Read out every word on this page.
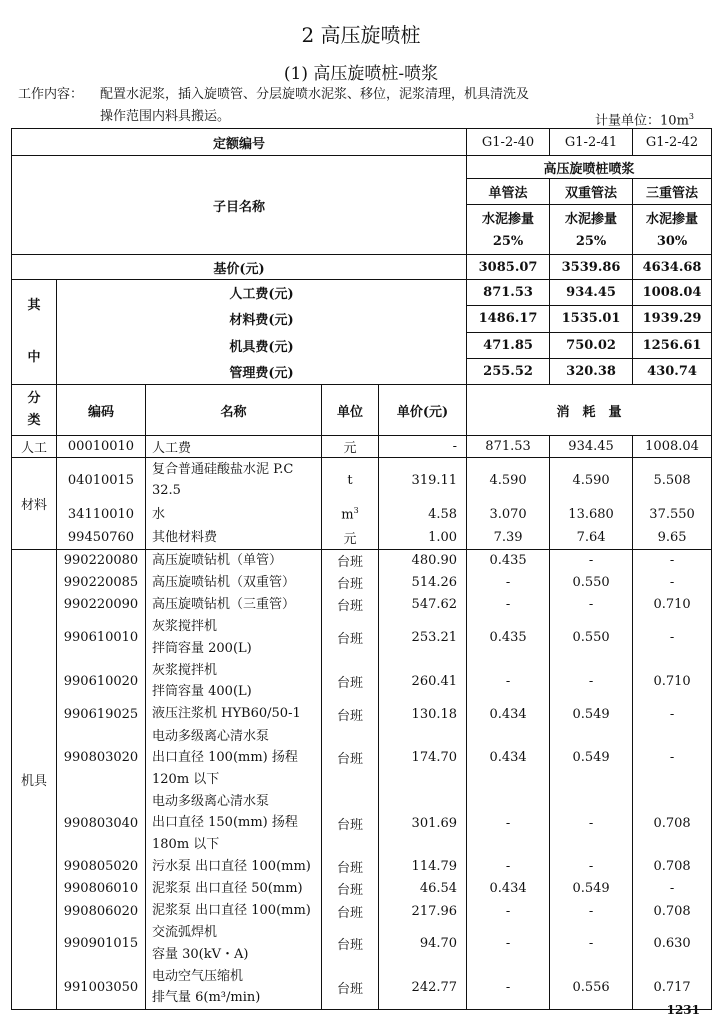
2 高压旋喷桩
(1) 高压旋喷桩-喷浆
工作内容： 配置水泥浆，插入旋喷管、分层旋喷水泥浆、移位，泥浆清理，机具清洗及
操作范围内料具搬运。	计量单位：$10m^3$
定额编号					G1-2-40	G1-2-41	G1-2-42
子目名称					高压旋喷桩喷浆		
					单管法	双重管法	三重管法
					水泥掺量	水泥掺量	水泥掺量
					25%	25%	30%
基价(元)					3085.07	3539.86	4634.68

其
中	人工费(元)				871.53	934.45	1008.04
	材料费(元)				1486.17	1535.01	1939.29
	机具费(元)				471.85	750.02	1256.61
	管理费(元)				255.52	320.38	430.74

分
类	编码	名称	单位	单价(元)	消　耗　量		
人工	00010010	人工费	元	-	871.53	934.45	1008.04
材料	04010015	复合普通硅酸盐水泥 P.C
32.5	t	319.11	4.590	4.590	5.508
	34110010	水	$m^3$	4.58	3.070	13.680	37.550
	99450760	其他材料费	元	1.00	7.39	7.64	9.65
机具	990220080	高压旋喷钻机（单管）	台班	480.90	0.435	-	-
	990220085	高压旋喷钻机（双重管）	台班	514.26	-	0.550	-
	990220090	高压旋喷钻机（三重管）	台班	547.62	-	-	0.710
	990610010	灰浆搅拌机
拌筒容量 200(L)	台班	253.21	0.435	0.550	-
	990610020	灰浆搅拌机
拌筒容量 400(L)	台班	260.41	-	-	0.710
	990619025	液压注浆机 HYB60/50-1	台班	130.18	0.434	0.549	-
	990803020	电动多级离心清水泵
出口直径 100(mm) 扬程
120m 以下	台班	174.70	0.434	0.549	-
	990803040	电动多级离心清水泵
出口直径 150(mm) 扬程
180m 以下	台班	301.69	-	-	0.708
	990805020	污水泵 出口直径 100(mm)	台班	114.79	-	-	0.708
	990806010	泥浆泵 出口直径 50(mm)	台班	46.54	0.434	0.549	-
	990806020	泥浆泵 出口直径 100(mm)	台班	217.96	-	-	0.708
	990901015	交流弧焊机
容量 30(kV・A)	台班	94.70	-	-	0.630
	991003050	电动空气压缩机
排气量 6(m³/min)	台班	242.77	-	0.556	0.717
1231
